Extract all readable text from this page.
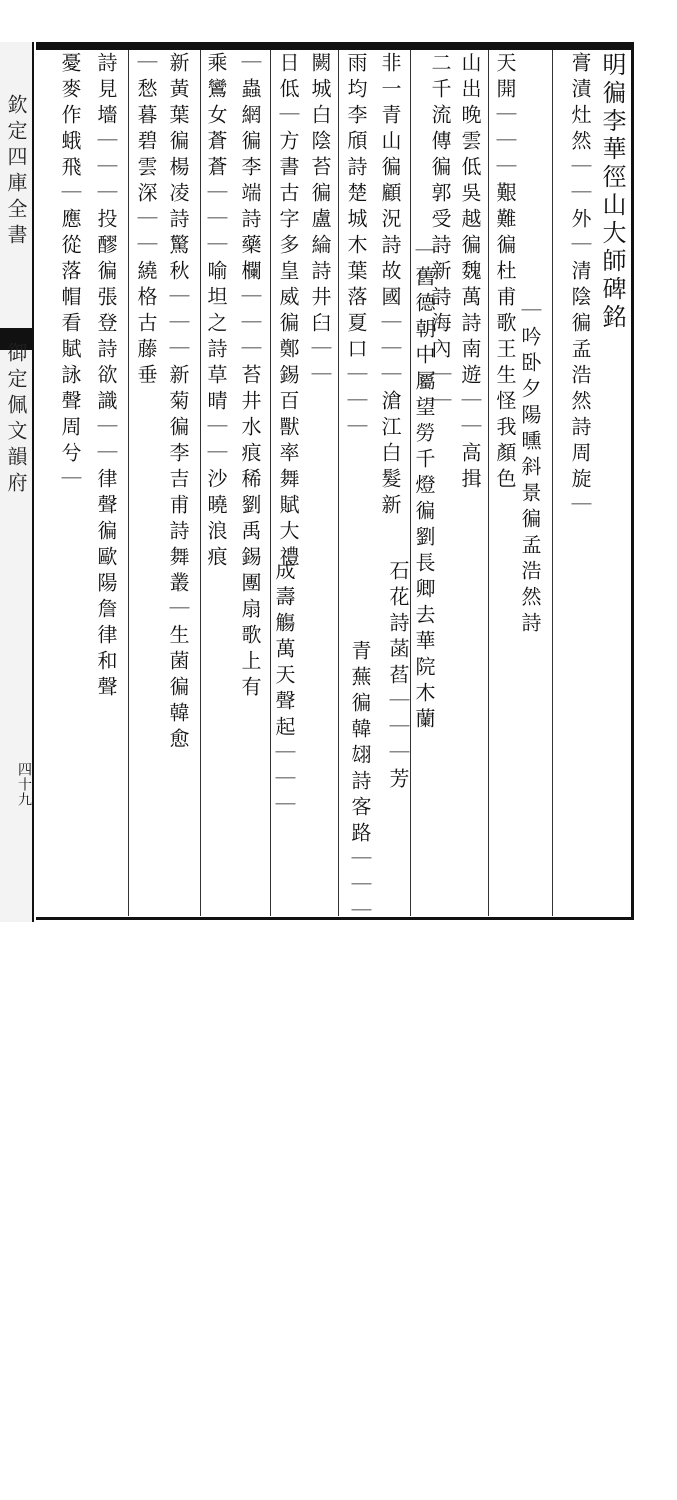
欽定四庫全書
御定佩文韻府
四十九
明徧李華徑山大師碑銘
膏漬灶然｜｜外｜清陰徧孟浩然詩周旋｜
｜吟卧夕陽曛斜景徧孟浩然詩
天開｜｜｜艱難徧杜甫歌王生怪我顏色
山出晚雲低吳越徧魏萬詩南遊｜｜高揖
二千流傳徧郭受詩新詩海內｜｜
｜舊德朝中屬望勞千燈徧劉長卿去華院木蘭
石花詩菡萏｜｜｜芳
非一青山徧顧況詩故國｜｜｜滄江白髮新
雨均李頎詩楚城木葉落夏口｜｜｜
青蕪徧韓翃詩客路｜｜｜
闕城白陰苔徧盧綸詩井臼｜｜
日低｜方書古字多皇威徧鄭錫百獸率舞賦大禮
成壽觴萬天聲起｜｜｜
｜蟲網徧李端詩藥欄｜｜｜苔井水痕稀劉禹錫團扇歌上有
乘鸞女蒼蒼｜｜｜喻坦之詩草晴｜｜沙曉浪痕
新黃葉徧楊凌詩驚秋｜｜｜新菊徧李吉甫詩舞叢｜生菌徧韓愈
｜愁暮碧雲深｜｜繞格古藤垂
詩見墻｜｜｜投醪徧張登詩欲識｜｜律聲徧歐陽詹律和聲
憂麥作蛾飛｜應從落帽看賦詠聲周兮｜
